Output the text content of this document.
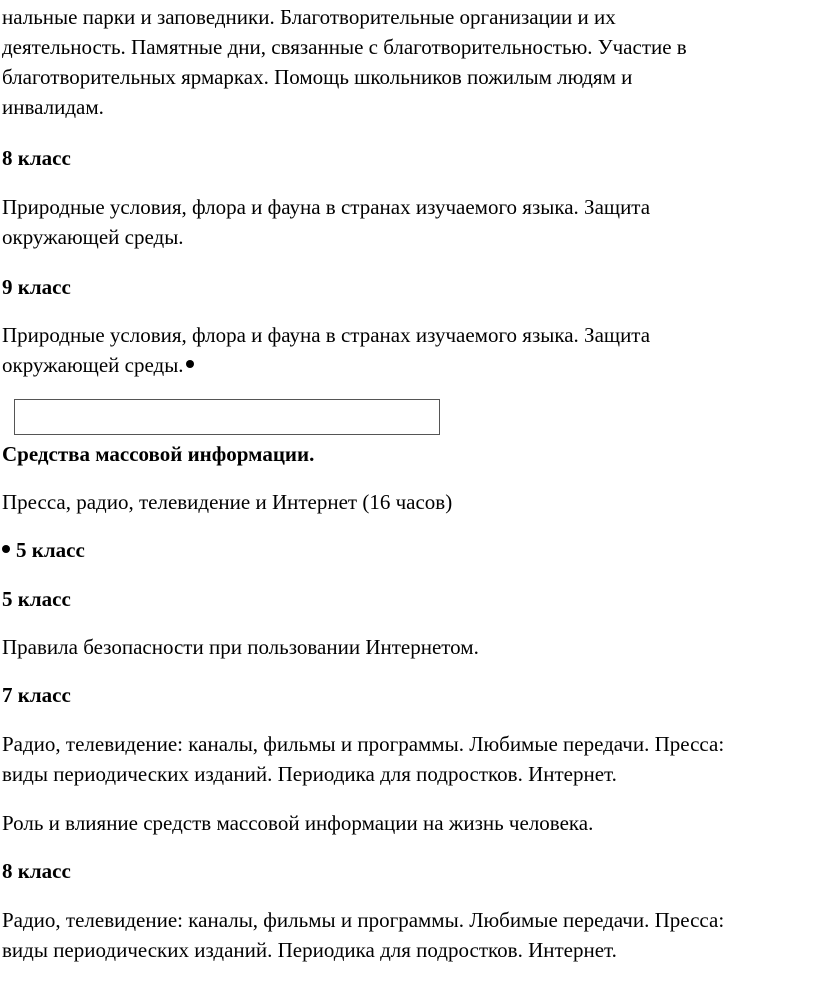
нальные парки и заповедники. Благотворительные организации и их
деятельность. Памятные дни, связанные с благотворительностью. Участие в
благотворительных ярмарках. Помощь школьников пожилым людям и
инвалидам.
8 класс
Природные условия, флора и фауна в странах изучаемого языка. Защита
окружающей среды.
9 класс
Природные условия, флора и фауна в странах изучаемого языка. Защита
окружающей среды.
Средства массовой информации.
Пресса, радио, телевидение и Интернет (16 часов)
5 класс
5 класс
Правила безопасности при пользовании Интернетом.
7 класс
Радио, телевидение: каналы, фильмы и программы. Любимые передачи. Пресса:
виды периодических изданий. Периодика для подростков. Интернет.
Роль и влияние средств массовой информации на жизнь человека.
8 класс
Радио, телевидение: каналы, фильмы и программы. Любимые передачи. Пресса:
виды периодических изданий. Периодика для подростков. Интернет.
